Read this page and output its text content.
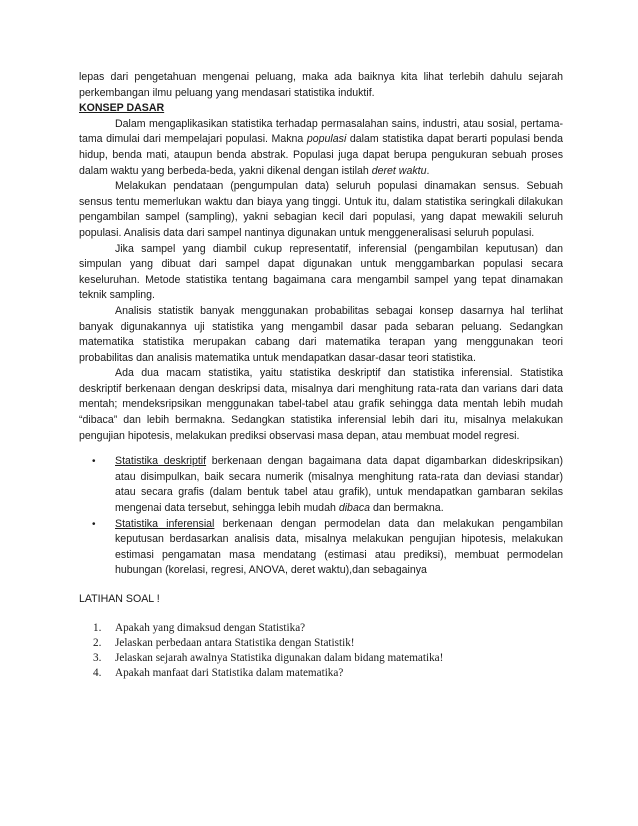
lepas dari pengetahuan mengenai peluang, maka ada baiknya kita lihat terlebih dahulu sejarah perkembangan ilmu peluang yang mendasari statistika induktif.

KONSEP DASAR

Dalam mengaplikasikan statistika terhadap permasalahan sains, industri, atau sosial, pertama-tama dimulai dari mempelajari populasi. Makna populasi dalam statistika dapat berarti populasi benda hidup, benda mati, ataupun benda abstrak. Populasi juga dapat berupa pengukuran sebuah proses dalam waktu yang berbeda-beda, yakni dikenal dengan istilah deret waktu.

Melakukan pendataan (pengumpulan data) seluruh populasi dinamakan sensus. Sebuah sensus tentu memerlukan waktu dan biaya yang tinggi. Untuk itu, dalam statistika seringkali dilakukan pengambilan sampel (sampling), yakni sebagian kecil dari populasi, yang dapat mewakili seluruh populasi. Analisis data dari sampel nantinya digunakan untuk menggeneralisasi seluruh populasi.

Jika sampel yang diambil cukup representatif, inferensial (pengambilan keputusan) dan simpulan yang dibuat dari sampel dapat digunakan untuk menggambarkan populasi secara keseluruhan. Metode statistika tentang bagaimana cara mengambil sampel yang tepat dinamakan teknik sampling.

Analisis statistik banyak menggunakan probabilitas sebagai konsep dasarnya hal terlihat banyak digunakannya uji statistika yang mengambil dasar pada sebaran peluang. Sedangkan matematika statistika merupakan cabang dari matematika terapan yang menggunakan teori probabilitas dan analisis matematika untuk mendapatkan dasar-dasar teori statistika.

Ada dua macam statistika, yaitu statistika deskriptif dan statistika inferensial. Statistika deskriptif berkenaan dengan deskripsi data, misalnya dari menghitung rata-rata dan varians dari data mentah; mendeksripsikan menggunakan tabel-tabel atau grafik sehingga data mentah lebih mudah “dibaca” dan lebih bermakna. Sedangkan statistika inferensial lebih dari itu, misalnya melakukan pengujian hipotesis, melakukan prediksi observasi masa depan, atau membuat model regresi.

• Statistika deskriptif berkenaan dengan bagaimana data dapat digambarkan dideskripsikan) atau disimpulkan, baik secara numerik (misalnya menghitung rata-rata dan deviasi standar) atau secara grafis (dalam bentuk tabel atau grafik), untuk mendapatkan gambaran sekilas mengenai data tersebut, sehingga lebih mudah dibaca dan bermakna.
• Statistika inferensial berkenaan dengan permodelan data dan melakukan pengambilan keputusan berdasarkan analisis data, misalnya melakukan pengujian hipotesis, melakukan estimasi pengamatan masa mendatang (estimasi atau prediksi), membuat permodelan hubungan (korelasi, regresi, ANOVA, deret waktu),dan sebagainya
LATIHAN SOAL !
1. Apakah yang dimaksud dengan Statistika?
2. Jelaskan perbedaan antara Statistika dengan Statistik!
3. Jelaskan sejarah awalnya Statistika digunakan dalam bidang matematika!
4. Apakah manfaat dari Statistika dalam matematika?
